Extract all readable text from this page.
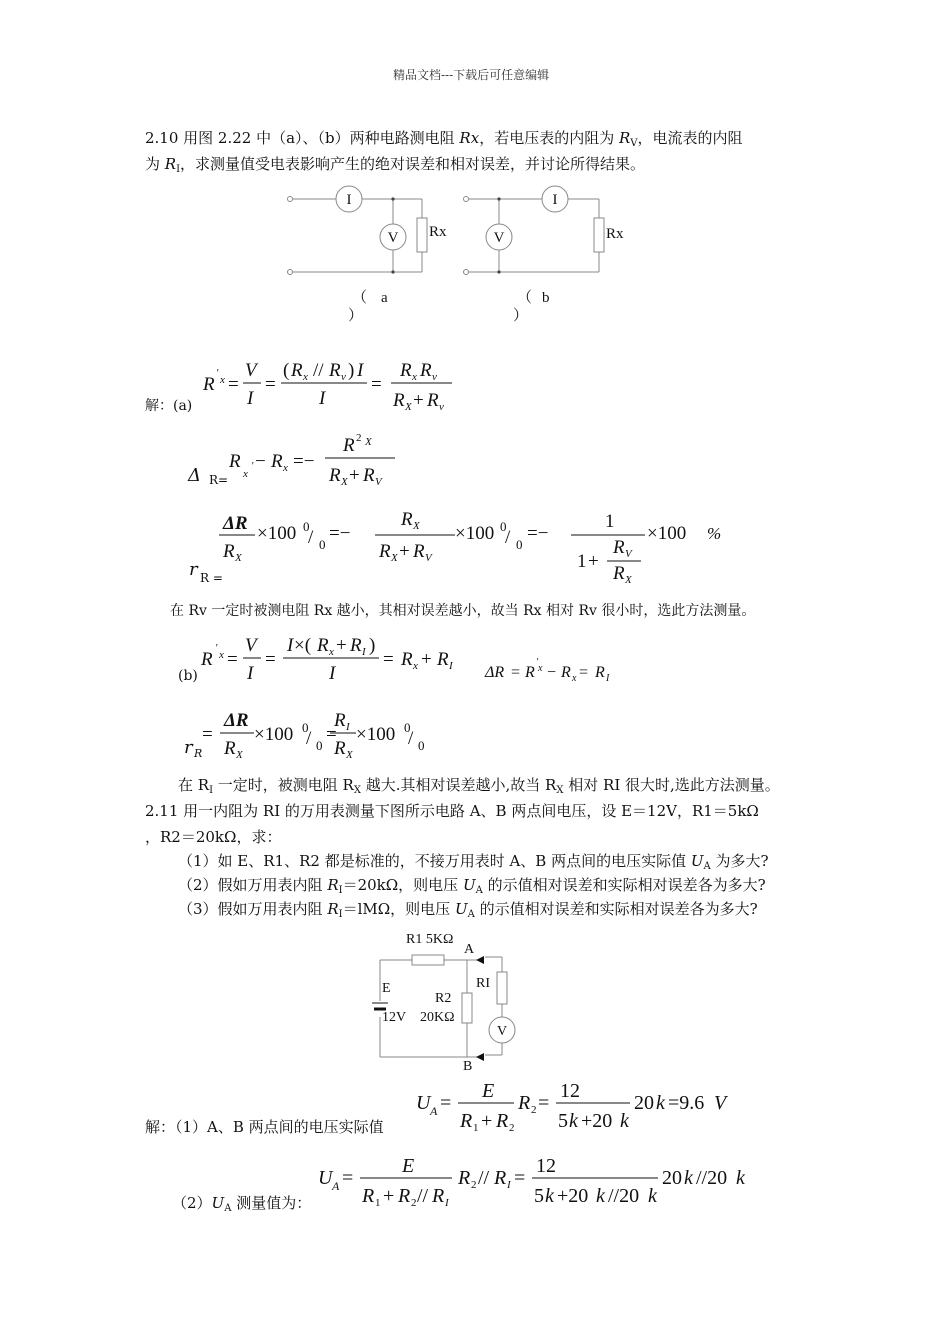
精品文档---下载后可任意编辑
2.10 用图 2.22 中（a）、（b）两种电路测电阻 Rx，若电压表的内阻为 $R_V$，电流表的内阻
为 $R_I$，求测量值受电表影响产生的绝对误差和相对误差，并讨论所得结果。
I
V Rx
I
V	Rx
（ a
）
（ b
）
解：(a)
R
′
x =
V
I
=
( R x // R v ) I
I
=
R x R v
R X + R v
Δ R=
R
x
′ − R x =−
R 2 X
R X + R V
r R =
ΔR
R X
×100 0
/ 0
=−
R X
R X + R V
×100 0
/ 0
=−
1
1 +
R V
R X
×100 %
在 Rv 一定时被测电阻 Rx 越小，其相对误差越小，故当 Rx 相对 Rv 很小时，选此方法测量。
(b)
R
′
x =
V
I
=
I ×( R x + R I )
I
= R x + R I ΔR = R
′
x − R x = R I
r R
=
ΔR
R X
×100 0
/ 0
=
R I
R X
×100 0
/ 0
在 $R_I$ 一定时，被测电阻 $R_X$ 越大.其相对误差越小,故当 $R_X$ 相对 RI 很大时,选此方法测量。
2.11 用一内阻为 RI 的万用表测量下图所示电路 A、B 两点间电压，设 E＝12V，R1＝5kΩ
，R2＝20kΩ，求：
（1）如 E、R1、R2 都是标准的，不接万用表时 A、B 两点间的电压实际值 $U_A$ 为多大?
（2）假如万用表内阻 $R_I=20k\Omega$，则电压 $U_A$ 的示值相对误差和实际相对误差各为多大?
（3）假如万用表内阻 $R_I=lM\Omega$，则电压 $U_A$ 的示值相对误差和实际相对误差各为多大?
R1 5KΩ
A
E
12V
R2
20KΩ
RI
V
B
解：（1）A、B 两点间的电压实际值
U A =
E
R 1 + R 2
R 2 =
12
5 k +20 k
20 k =9.6 V
$(2)U_A$ 测量值为：
U A =
E
R 1 + R 2 // R I
R 2 // R I =
12
5 k +20 k //20 k
20 k //20 k
